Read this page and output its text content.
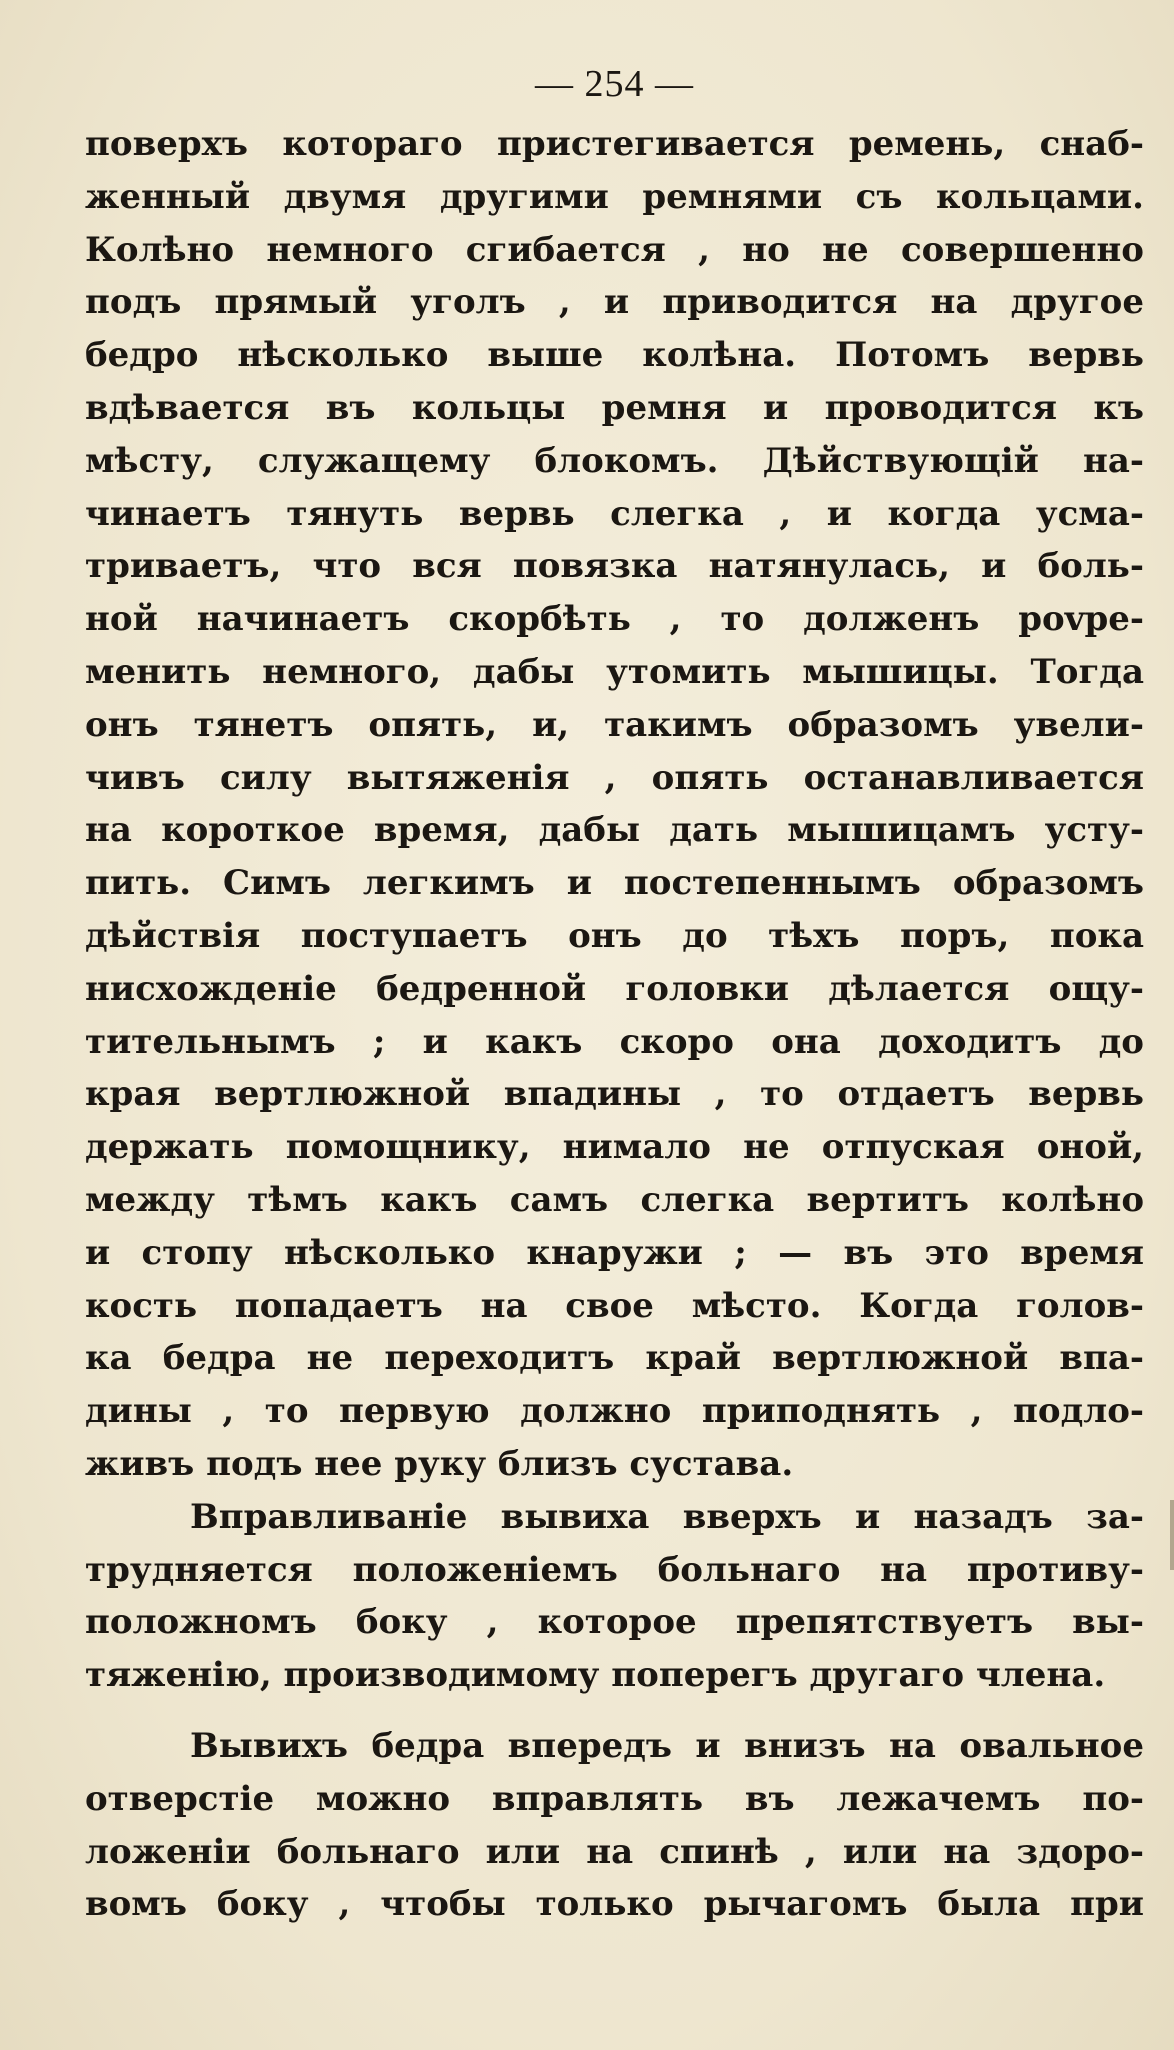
— 254 —
поверхъ котораго пристегивается ремень, снаб-
женный двумя другими ремнями съ кольцами.
Колѣно немного сгибается , но не совершенно
подъ прямый уголъ , и приводится на другое
бедро нѣсколько выше колѣна. Потомъ вервь
вдѣвается въ кольцы ремня и проводится къ
мѣсту, служащему блокомъ. Дѣйствующій на-
чинаетъ тянуть вервь слегка , и когда усма-
триваетъ, что вся повязка натянулась, и боль-
ной начинаетъ скорбѣть , то долженъ povре-
менить немного, дабы утомить мышицы. Тогда
онъ тянетъ опять, и, такимъ образомъ увели-
чивъ силу вытяженія , опять останавливается
на короткое время, дабы дать мышицамъ усту-
пить. Симъ легкимъ и постепеннымъ образомъ
дѣйствія поступаетъ онъ до тѣхъ поръ, пока
нисхожденіе бедренной головки дѣлается ощу-
тительнымъ ; и какъ скоро она доходитъ до
края вертлюжной впадины , то отдаетъ вервь
держать помощнику, нимало не отпуская оной,
между тѣмъ какъ самъ слегка вертитъ колѣно
и стопу нѣсколько кнаружи ; — въ это время
кость попадаетъ на свое мѣсто. Когда голов-
ка бедра не переходитъ край вертлюжной впа-
дины , то первую должно приподнять , подло-
живъ подъ нее руку близъ сустава.
Вправливаніе вывиха вверхъ и назадъ за-
трудняется положеніемъ больнаго на противу-
положномъ боку , которое препятствуетъ вы-
тяженію, производимому поперегъ другаго члена.
Вывихъ бедра впередъ и внизъ на овальное
отверстіе можно вправлять въ лежачемъ по-
ложеніи больнаго или на спинѣ , или на здоро-
вомъ боку , чтобы только рычагомъ была при
